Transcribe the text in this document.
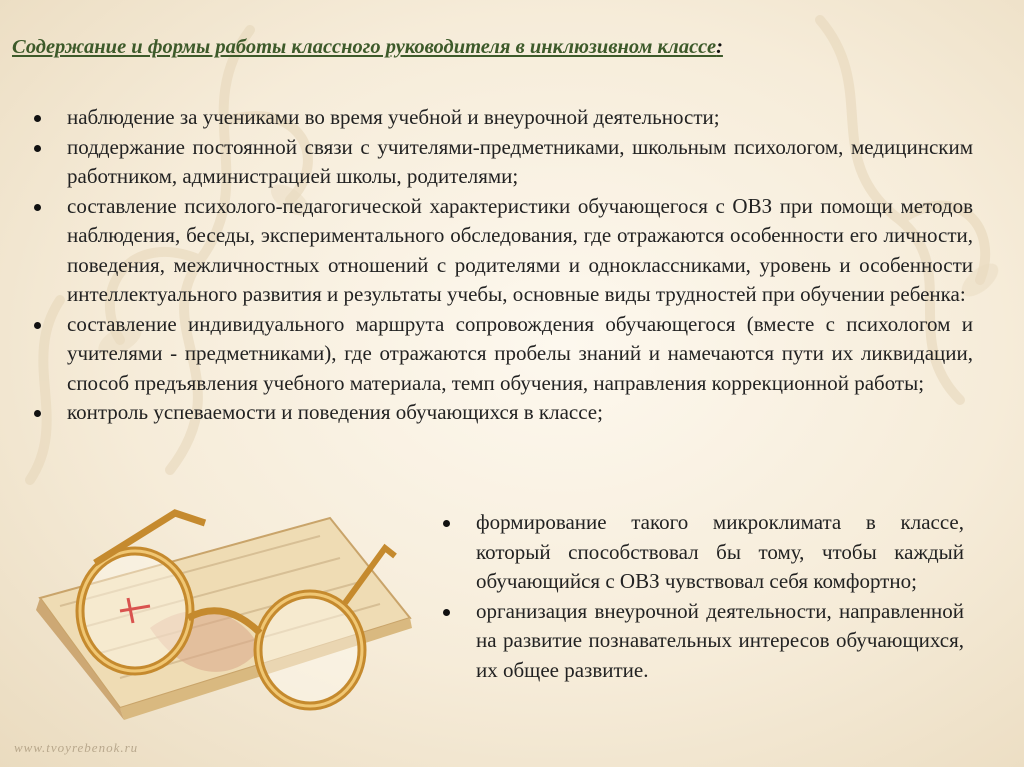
Содержание и формы работы классного руководителя в инклюзивном классе:
наблюдение за учениками во время учебной и внеурочной деятельности;
поддержание постоянной связи с учителями-предметниками, школьным психологом, медицинским работником, администрацией школы, родителями;
составление психолого-педагогической характеристики обучающегося с ОВЗ при помощи методов наблюдения, беседы, экспериментального обследования, где отражаются особенности его личности, поведения, межличностных отношений с родителями и одноклассниками, уровень и особенности интеллектуального развития и результаты учебы, основные виды трудностей при обучении ребенка:
составление индивидуального маршрута сопровождения обучающегося (вместе с психологом и учителями - предметниками), где отражаются пробелы знаний и намечаются пути их ликвидации, способ предъявления учебного материала, темп обучения, направления коррекционной работы;
контроль успеваемости и поведения обучающихся в классе;
формирование такого микроклимата в классе, который способствовал бы тому, чтобы каждый обучающийся с ОВЗ чувствовал себя комфортно;
организация внеурочной деятельности, направленной на развитие познавательных интересов обучающихся, их общее развитие.
www.tvoyrebenok.ru
